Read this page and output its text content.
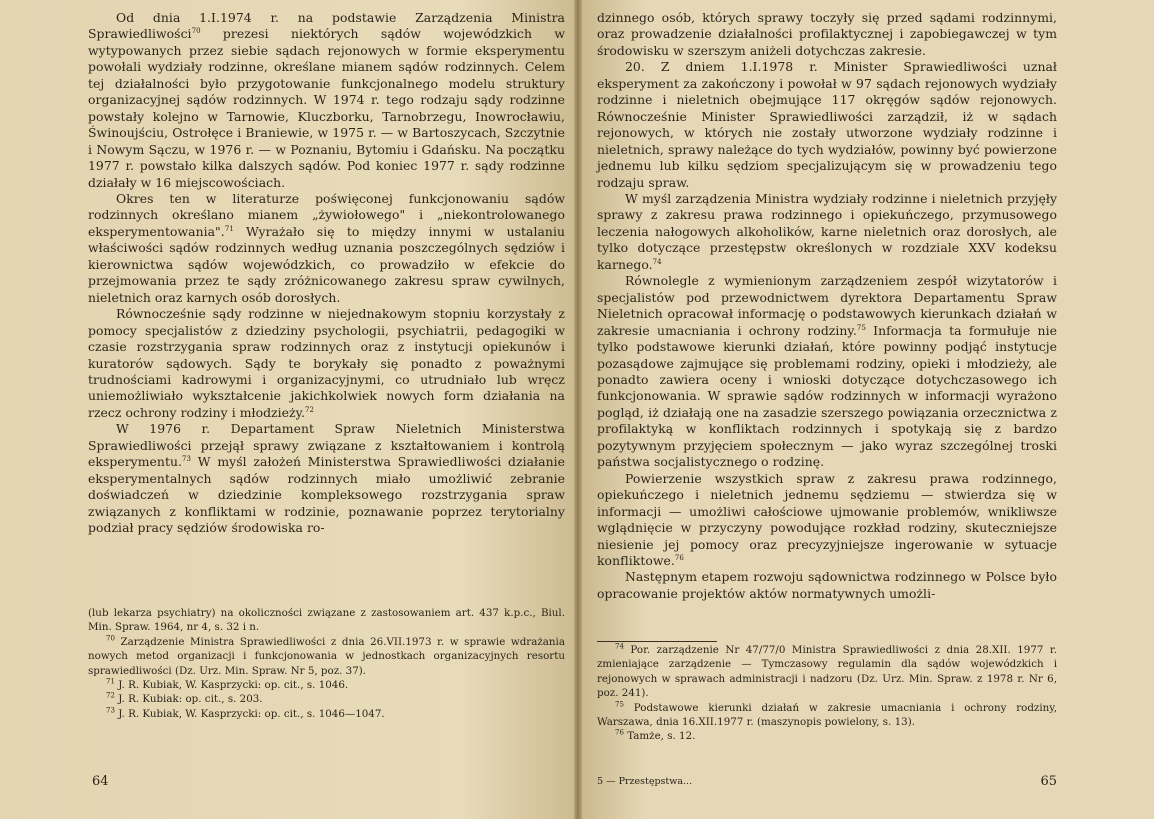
Od dnia 1.I.1974 r. na podstawie Zarządzenia Ministra Sprawiedliwości$^{70}$ prezesi niektórych sądów wojewódzkich w wytypowanych przez siebie sądach rejonowych w formie eksperymentu powołali wydziały rodzinne, określane mianem sądów rodzinnych. Celem tej działalności było przygotowanie funkcjonalnego modelu struktury organizacyjnej sądów rodzinnych. W 1974 r. tego rodzaju sądy rodzinne powstały kolejno w Tarnowie, Kluczborku, Tarnobrzegu, Inowrocławiu, Świnoujściu, Ostrołęce i Braniewie, w 1975 r. — w Bartoszycach, Szczytnie i Nowym Sączu, w 1976 r. — w Poznaniu, Bytomiu i Gdańsku. Na początku 1977 r. powstało kilka dalszych sądów. Pod koniec 1977 r. sądy rodzinne działały w 16 miejscowościach.

Okres ten w literaturze poświęconej funkcjonowaniu sądów rodzinnych określano mianem „żywiołowego" i „niekontrolowanego eksperymentowania".$^{71}$ Wyrażało się to między innymi w ustalaniu właściwości sądów rodzinnych według uznania poszczególnych sędziów i kierownictwa sądów wojewódzkich, co prowadziło w efekcie do przejmowania przez te sądy zróżnicowanego zakresu spraw cywilnych, nieletnich oraz karnych osób dorosłych.

Równocześnie sądy rodzinne w niejednakowym stopniu korzystały z pomocy specjalistów z dziedziny psychologii, psychiatrii, pedagogiki w czasie rozstrzygania spraw rodzinnych oraz z instytucji opiekunów i kuratorów sądowych. Sądy te borykały się ponadto z poważnymi trudnościami kadrowymi i organizacyjnymi, co utrudniało lub wręcz uniemożliwiało wykształcenie jakichkolwiek nowych form działania na rzecz ochrony rodziny i młodzieży.$^{72}$

W 1976 r. Departament Spraw Nieletnich Ministerstwa Sprawiedliwości przejął sprawy związane z kształtowaniem i kontrolą eksperymentu.$^{73}$ W myśl założeń Ministerstwa Sprawiedliwości działanie eksperymentalnych sądów rodzinnych miało umożliwić zebranie doświadczeń w dziedzinie kompleksowego rozstrzygania spraw związanych z konfliktami w rodzinie, poznawanie poprzez terytorialny podział pracy sędziów środowiska ro-

(lub lekarza psychiatry) na okoliczności związane z zastosowaniem art. 437 k.p.c., Biul. Min. Spraw. 1964, nr 4, s. 32 i n.

$^{70}$ Zarządzenie Ministra Sprawiedliwości z dnia 26.VII.1973 r. w sprawie wdrażania nowych metod organizacji i funkcjonowania w jednostkach organizacyjnych resortu sprawiedliwości (Dz. Urz. Min. Spraw. Nr 5, poz. 37).

$^{71}$ J. R. Kubiak, W. Kasprzycki: op. cit., s. 1046.

$^{72}$ J. R. Kubiak: op. cit., s. 203.

$^{73}$ J. R. Kubiak, W. Kasprzycki: op. cit., s. 1046—1047.

64

dzinnego osób, których sprawy toczyły się przed sądami rodzinnymi, oraz prowadzenie działalności profilaktycznej i zapobiegawczej w tym środowisku w szerszym aniżeli dotychczas zakresie.

20. Z dniem 1.I.1978 r. Minister Sprawiedliwości uznał eksperyment za zakończony i powołał w 97 sądach rejonowych wydziały rodzinne i nieletnich obejmujące 117 okręgów sądów rejonowych. Równocześnie Minister Sprawiedliwości zarządził, iż w sądach rejonowych, w których nie zostały utworzone wydziały rodzinne i nieletnich, sprawy należące do tych wydziałów, powinny być powierzone jednemu lub kilku sędziom specjalizującym się w prowadzeniu tego rodzaju spraw.

W myśl zarządzenia Ministra wydziały rodzinne i nieletnich przyjęły sprawy z zakresu prawa rodzinnego i opiekuńczego, przymusowego leczenia nałogowych alkoholików, karne nieletnich oraz dorosłych, ale tylko dotyczące przestępstw określonych w rozdziale XXV kodeksu karnego.$^{74}$

Równolegle z wymienionym zarządzeniem zespół wizytatorów i specjalistów pod przewodnictwem dyrektora Departamentu Spraw Nieletnich opracował informację o podstawowych kierunkach działań w zakresie umacniania i ochrony rodziny.$^{75}$ Informacja ta formułuje nie tylko podstawowe kierunki działań, które powinny podjąć instytucje pozasądowe zajmujące się problemami rodziny, opieki i młodzieży, ale ponadto zawiera oceny i wnioski dotyczące dotychczasowego ich funkcjonowania. W sprawie sądów rodzinnych w informacji wyrażono pogląd, iż działają one na zasadzie szerszego powiązania orzecznictwa z profilaktyką w konfliktach rodzinnych i spotykają się z bardzo pozytywnym przyjęciem społecznym — jako wyraz szczególnej troski państwa socjalistycznego o rodzinę.

Powierzenie wszystkich spraw z zakresu prawa rodzinnego, opiekuńczego i nieletnich jednemu sędziemu — stwierdza się w informacji — umożliwi całościowe ujmowanie problemów, wnikliwsze wglądnięcie w przyczyny powodujące rozkład rodziny, skuteczniejsze niesienie jej pomocy oraz precyzyjniejsze ingerowanie w sytuacje konfliktowe.$^{76}$

Następnym etapem rozwoju sądownictwa rodzinnego w Polsce było opracowanie projektów aktów normatywnych umożli-

$^{74}$ Por. zarządzenie Nr 47/77/0 Ministra Sprawiedliwości z dnia 28.XII. 1977 r. zmieniające zarządzenie — Tymczasowy regulamin dla sądów wojewódzkich i rejonowych w sprawach administracji i nadzoru (Dz. Urz. Min. Spraw. z 1978 r. Nr 6, poz. 241).

$^{75}$ Podstawowe kierunki działań w zakresie umacniania i ochrony rodziny, Warszawa, dnia 16.XII.1977 r. (maszynopis powielony, s. 13).

$^{76}$ Tamże, s. 12.

5 — Przestępstwa...	65
